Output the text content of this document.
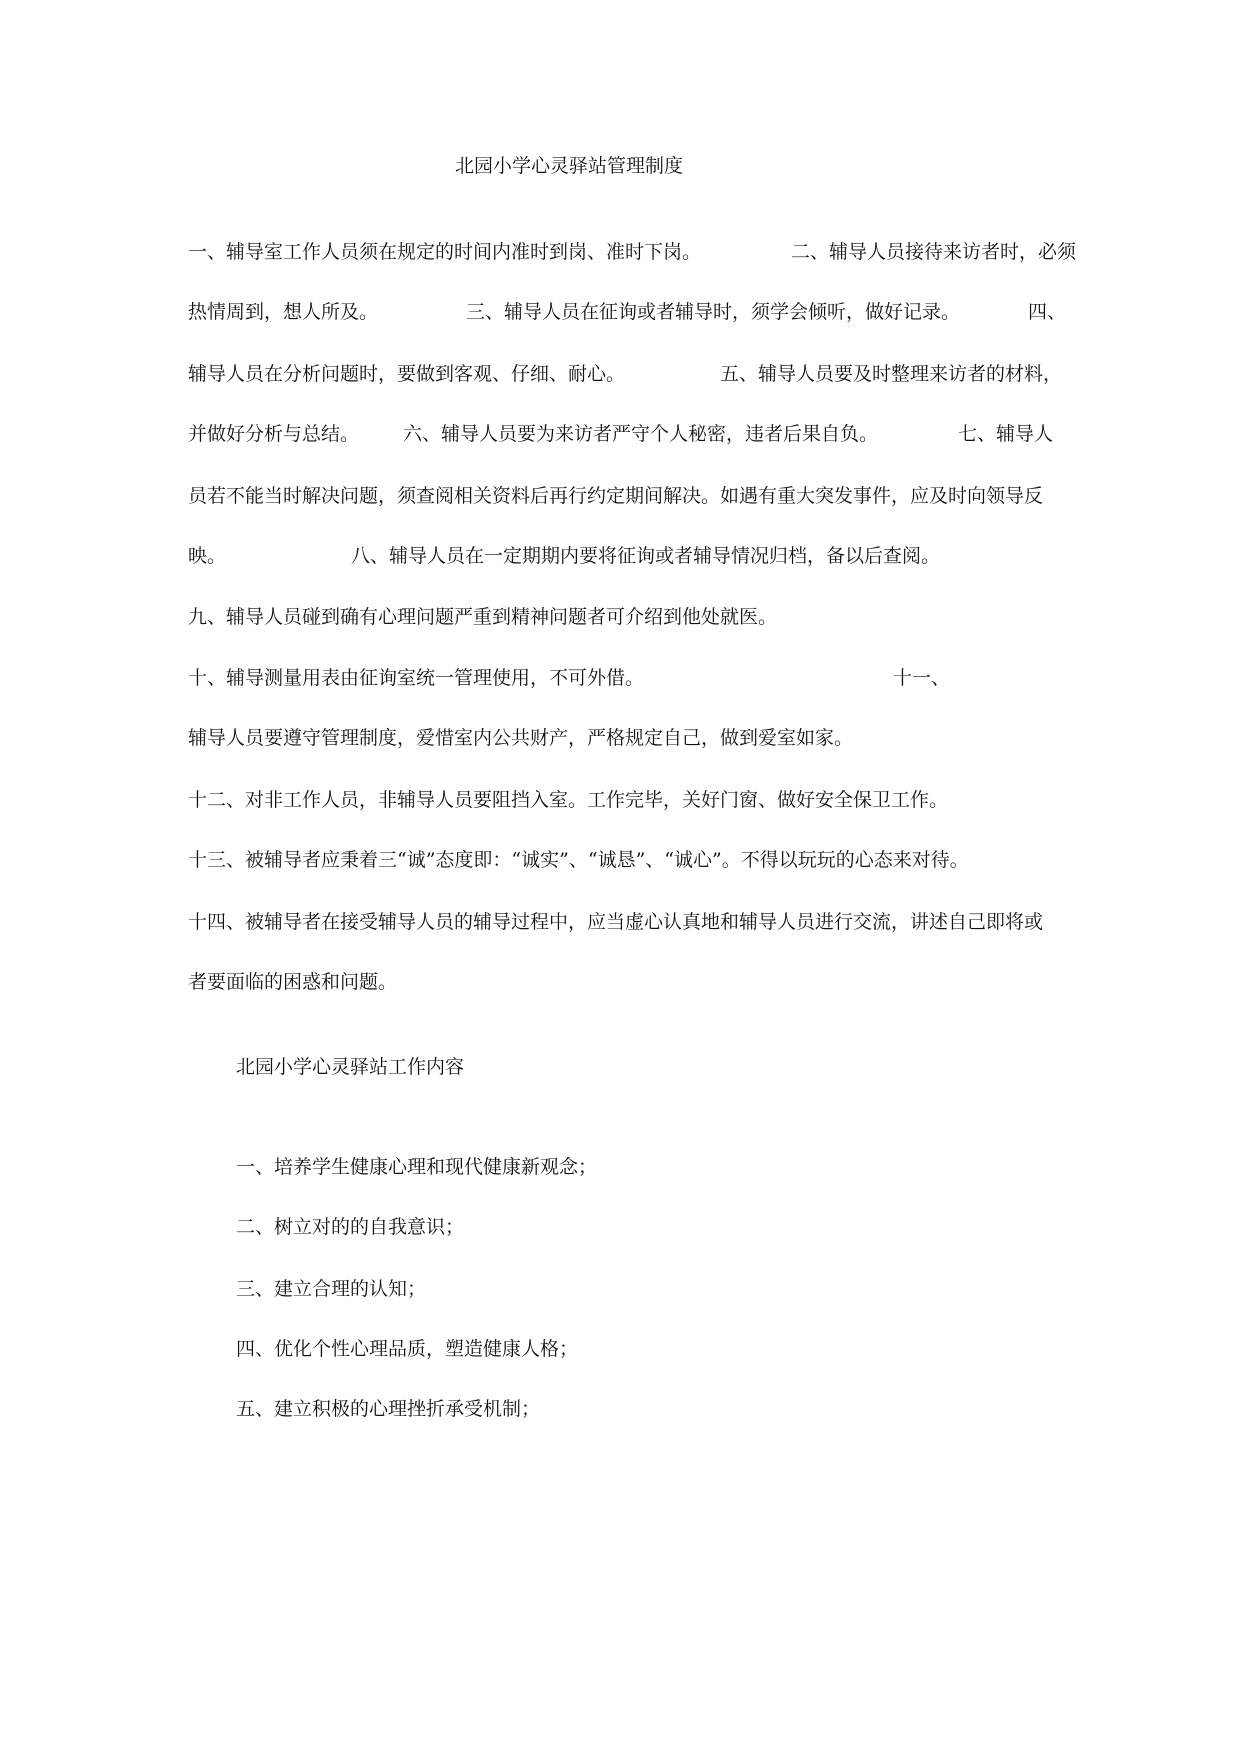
北园小学心灵驿站管理制度
一、辅导室工作人员须在规定的时间内准时到岗、准时下岗。	二、辅导人员接待来访者时，必须
热情周到，想人所及。	三、辅导人员在征询或者辅导时，须学会倾听，做好记录。	四、
辅导人员在分析问题时，要做到客观、仔细、耐心。	五、辅导人员要及时整理来访者的材料，
并做好分析与总结。 六、辅导人员要为来访者严守个人秘密，违者后果自负。	七、辅导人
员若不能当时解决问题，须查阅相关资料后再行约定期间解决。如遇有重大突发事件，应及时向领导反
映。	八、辅导人员在一定期期内要将征询或者辅导情况归档，备以后查阅。
九、辅导人员碰到确有心理问题严重到精神问题者可介绍到他处就医。
十、辅导测量用表由征询室统一管理使用，不可外借。	十一、
辅导人员要遵守管理制度，爱惜室内公共财产，严格规定自己，做到爱室如家。
十二、对非工作人员，非辅导人员要阻挡入室。工作完毕，关好门窗、做好安全保卫工作。
十三、被辅导者应秉着三“诚”态度即：“诚实”、“诚恳”、“诚心”。不得以玩玩的心态来对待。
十四、被辅导者在接受辅导人员的辅导过程中，应当虚心认真地和辅导人员进行交流，讲述自己即将或
者要面临的困惑和问题。
北园小学心灵驿站工作内容
一、培养学生健康心理和现代健康新观念；
二、树立对的的自我意识；
三、建立合理的认知；
四、优化个性心理品质，塑造健康人格；
五、建立积极的心理挫折承受机制；
